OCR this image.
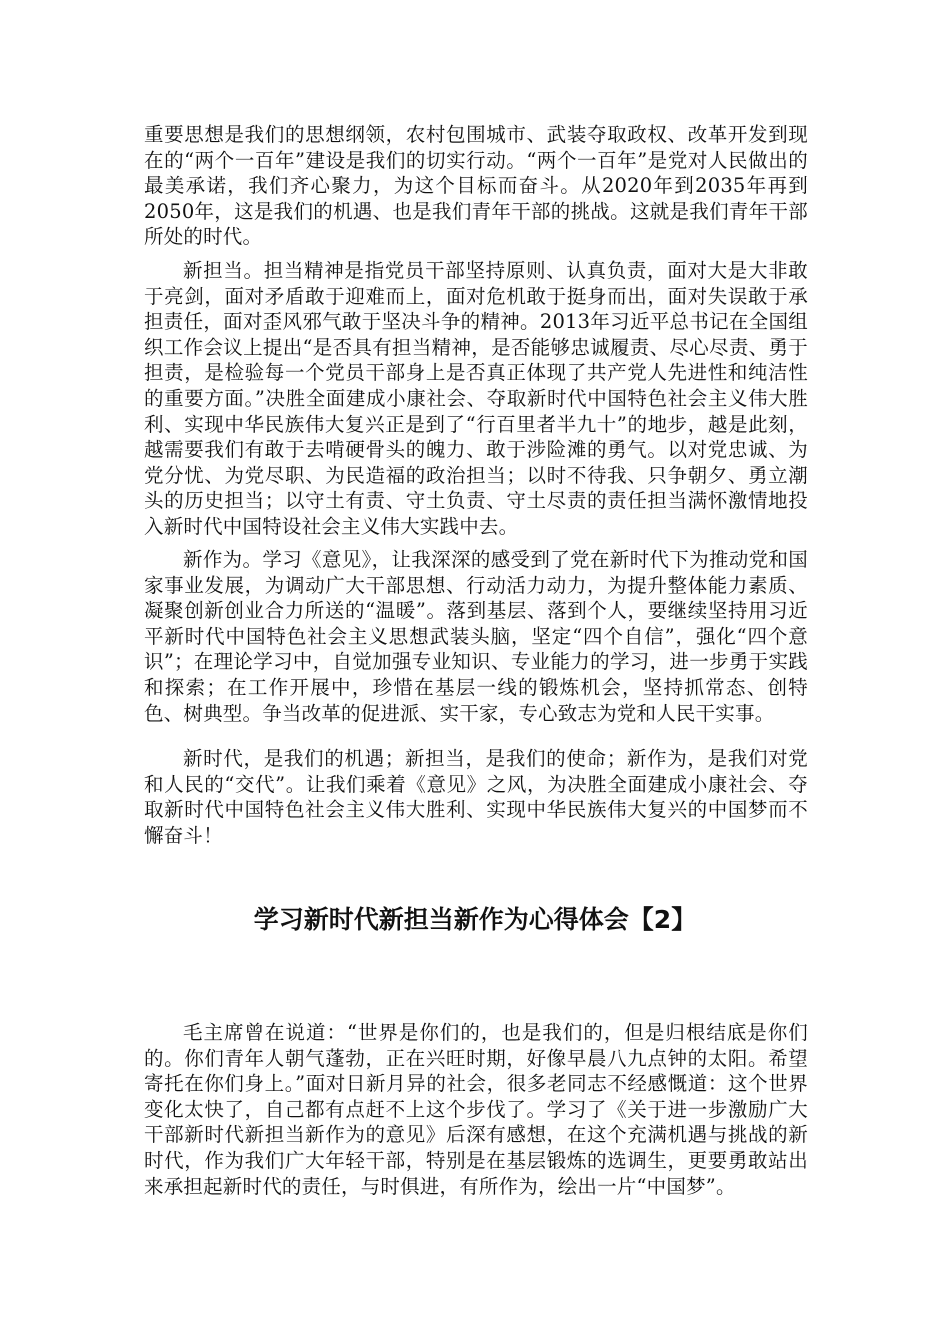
重要思想是我们的思想纲领，农村包围城市、武装夺取政权、改革开发到现在的“两个一百年”建设是我们的切实行动。“两个一百年”是党对人民做出的最美承诺，我们齐心聚力，为这个目标而奋斗。从2020年到2035年再到2050年，这是我们的机遇、也是我们青年干部的挑战。这就是我们青年干部所处的时代。

新担当。担当精神是指党员干部坚持原则、认真负责，面对大是大非敢于亮剑，面对矛盾敢于迎难而上，面对危机敢于挺身而出，面对失误敢于承担责任，面对歪风邪气敢于坚决斗争的精神。2013年习近平总书记在全国组织工作会议上提出“是否具有担当精神，是否能够忠诚履责、尽心尽责、勇于担责，是检验每一个党员干部身上是否真正体现了共产党人先进性和纯洁性的重要方面。”决胜全面建成小康社会、夺取新时代中国特色社会主义伟大胜利、实现中华民族伟大复兴正是到了“行百里者半九十”的地步，越是此刻，越需要我们有敢于去啃硬骨头的魄力、敢于涉险滩的勇气。以对党忠诚、为党分忧、为党尽职、为民造福的政治担当；以时不待我、只争朝夕、勇立潮头的历史担当；以守土有责、守土负责、守土尽责的责任担当满怀激情地投入新时代中国特设社会主义伟大实践中去。

新作为。学习《意见》，让我深深的感受到了党在新时代下为推动党和国家事业发展，为调动广大干部思想、行动活力动力，为提升整体能力素质、凝聚创新创业合力所送的“温暖”。落到基层、落到个人，要继续坚持用习近平新时代中国特色社会主义思想武装头脑，坚定“四个自信”，强化“四个意识”；在理论学习中，自觉加强专业知识、专业能力的学习，进一步勇于实践和探索；在工作开展中，珍惜在基层一线的锻炼机会，坚持抓常态、创特色、树典型。争当改革的促进派、实干家，专心致志为党和人民干实事。

新时代，是我们的机遇；新担当，是我们的使命；新作为，是我们对党和人民的“交代”。让我们乘着《意见》之风，为决胜全面建成小康社会、夺取新时代中国特色社会主义伟大胜利、实现中华民族伟大复兴的中国梦而不懈奋斗！

学习新时代新担当新作为心得体会【2】

毛主席曾在说道：“世界是你们的，也是我们的，但是归根结底是你们的。你们青年人朝气蓬勃，正在兴旺时期，好像早晨八九点钟的太阳。希望寄托在你们身上。”面对日新月异的社会，很多老同志不经感慨道：这个世界变化太快了，自己都有点赶不上这个步伐了。学习了《关于进一步激励广大干部新时代新担当新作为的意见》后深有感想，在这个充满机遇与挑战的新时代，作为我们广大年轻干部，特别是在基层锻炼的选调生，更要勇敢站出来承担起新时代的责任，与时俱进，有所作为，绘出一片“中国梦”。
